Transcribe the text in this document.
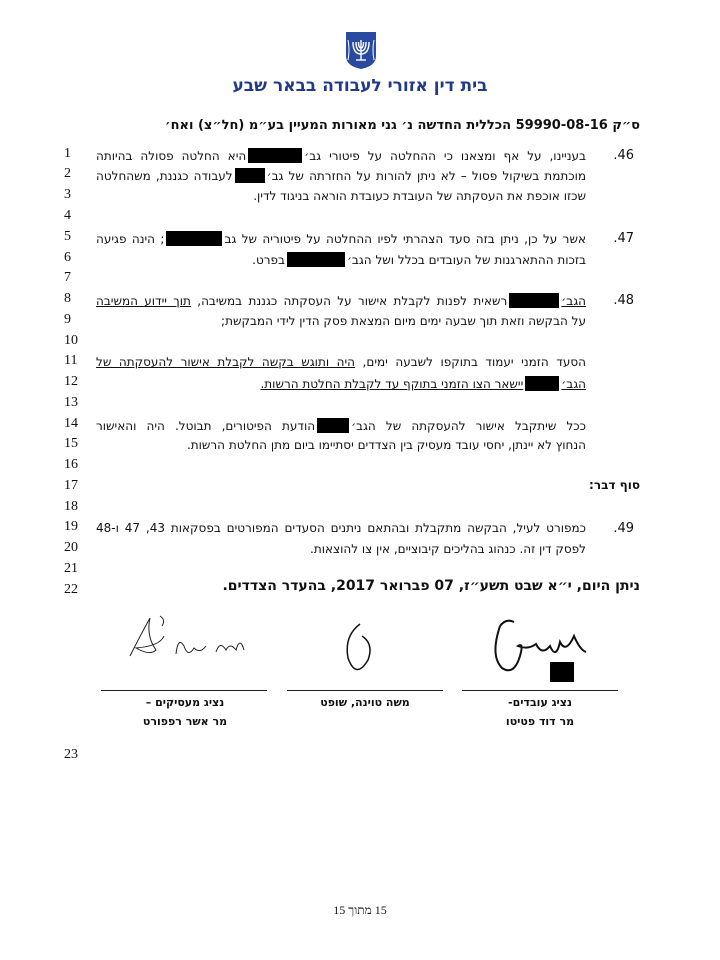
בית דין אזורי לעבודה בבאר שבע
ס״ק 59990-08-16 הכללית החדשה נ׳ גני מאורות המעיין בע״מ (חל״צ) ואח׳
1
2
3
4
5
6
7
8
9
10
11
12
13
14
15
16
17
18
19
20
21
22
23
.46
בעניינו, על אף ומצאנו כי ההחלטה על פיטורי גב׳היא החלטה פסולה בהיותה
מוכתמת בשיקול פסול – לא ניתן להורות על החזרתה של גב׳לעבודה כגננת, משהחלטה
שכזו אוכפת את העסקתה של העובדת כעובדת הוראה בניגוד לדין.
.47
אשר על כן, ניתן בזה סעד הצהרתי לפיו ההחלטה על פיטוריה של גב; הינה פגיעה
בזכות ההתארגנות של העובדים בכלל ושל הגב׳בפרט.
.48
הגב׳רשאית לפנות לקבלת אישור על העסקתה כגננת במשיבה, תוך יידוע המשיבה
על הבקשה וזאת תוך שבעה ימים מיום המצאת פסק הדין לידי המבקשת;
הסעד הזמני יעמוד בתוקפו לשבעה ימים, היה ותוגש בקשה לקבלת אישור להעסקתה של
הגב׳יישאר הצו הזמני בתוקף עד לקבלת החלטת הרשות.
ככל שיתקבל אישור להעסקתה של הגב׳הודעת הפיטורים, תבוטל. היה והאישור
הנחוץ לא יינתן, יחסי עובד מעסיק בין הצדדים יסתיימו ביום מתן החלטת הרשות.
סוף דבר:
.49
כמפורט לעיל, הבקשה מתקבלת ובהתאם ניתנים הסעדים המפורטים בפסקאות 43, 47 ו-48
לפסק דין זה. כנהוג בהליכים קיבוציים, אין צו להוצאות.
ניתן היום, י״א שבט תשע״ז, 07 פברואר 2017, בהעדר הצדדים.
נציג עובדים-
מר דוד פטיטו
משה טוינה, שופט
נציג מעסיקים –
מר אשר רפפורט
15 מתוך 15
